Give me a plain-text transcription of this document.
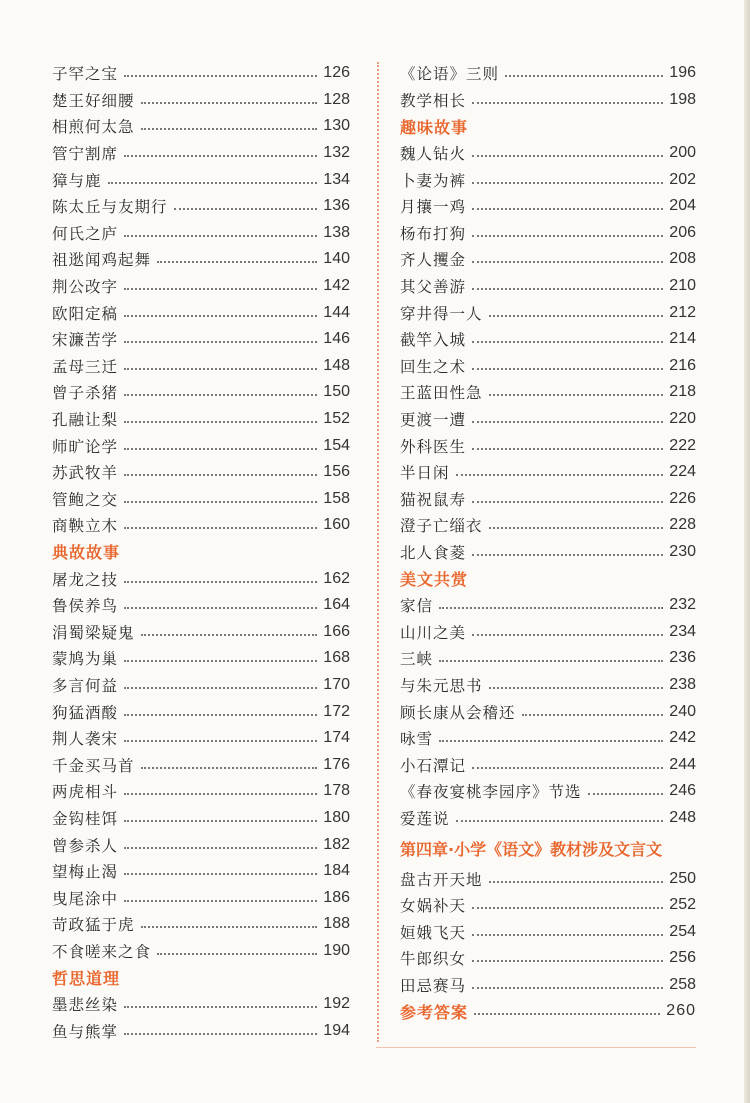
子罕之宝	126
楚王好细腰	128
相煎何太急	130
管宁割席	132
獐与鹿	134
陈太丘与友期行	136
何氏之庐	138
祖逖闻鸡起舞	140
荆公改字	142
欧阳定稿	144
宋濂苦学	146
孟母三迁	148
曾子杀猪	150
孔融让梨	152
师旷论学	154
苏武牧羊	156
管鲍之交	158
商鞅立木	160
典故故事
屠龙之技	162
鲁侯养鸟	164
涓蜀梁疑鬼	166
蒙鸠为巢	168
多言何益	170
狗猛酒酸	172
荆人袭宋	174
千金买马首	176
两虎相斗	178
金钩桂饵	180
曾参杀人	182
望梅止渴	184
曳尾涂中	186
苛政猛于虎	188
不食嗟来之食	190
哲思道理
墨悲丝染	192
鱼与熊掌	194
《论语》三则	196
教学相长	198
趣味故事
魏人钻火	200
卜妻为裤	202
月攘一鸡	204
杨布打狗	206
齐人攫金	208
其父善游	210
穿井得一人	212
截竿入城	214
回生之术	216
王蓝田性急	218
更渡一遭	220
外科医生	222
半日闲	224
猫祝鼠寿	226
澄子亡缁衣	228
北人食菱	230
美文共赏
家信	232
山川之美	234
三峡	236
与朱元思书	238
顾长康从会稽还	240
咏雪	242
小石潭记	244
《春夜宴桃李园序》节选	246
爱莲说	248
第四章·小学《语文》教材涉及文言文
盘古开天地	250
女娲补天	252
姮娥飞天	254
牛郎织女	256
田忌赛马	258
参考答案	260
